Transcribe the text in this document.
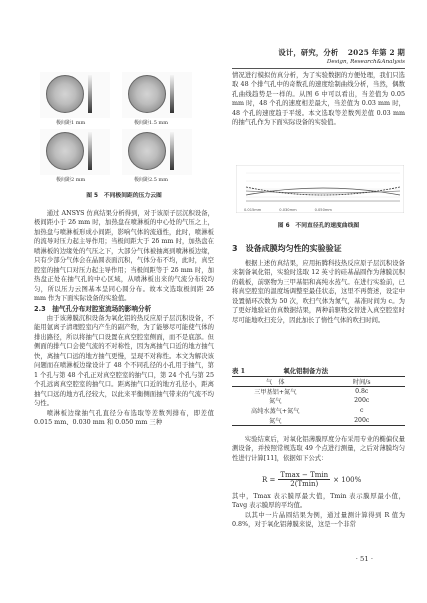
设计，研究，分析 2025 年第 2 期
Design, Research&Analysis
极间距1 mm	极间距1.5 mm
极间距2 mm	极间距2.5 mm
图 5　不同极间距的压力云图

通过 ANSYS 仿真结果分析得到，对于该原子层沉积设备，极间距小于 2δ mm 时，加热盘在喷淋板的中心处的气压之上，加热盘与喷淋板形成小间距，影响气体的流通性，此时，喷淋板的流导对压力起主导作用；当极间距大于 2δ mm 时，加热盘在喷淋板的边缘处的气压之下，大部分气体被抽离到喷淋板边缘，只有少部分气体会在晶圆表面沉积，气体分布不均，此时，真空腔室的抽气口对压力起主导作用；当极间距等于 2δ mm 时，加热盘正处在抽气孔的中心区域，从喷淋板出来的气流分布较均匀，所以压力云图基本呈同心圆分布。故本文选取极间距 2δ mm 作为下面实际设备的实验值。

2.3　抽气孔分布对腔室流场的影响分析

由于该薄膜沉积设备为氧化铝的热反应原子层沉积设备，不能用氩离子清理腔室内产生的副产物，为了能够尽可能使气体的排出路径，所以将抽气口设置在真空腔室侧面，而不是底部。但侧面的排气口会使气流的不对称性，因为离抽气口近的地方抽气快，离抽气口远的地方抽气更慢，呈现不对称性。本文为解决该问题而在喷淋板边缘设计了 48 个不同孔径的小孔用于抽气，第 1 个孔与第 48 个孔正对真空腔室的抽气口，第 24 个孔与第 25 个孔远离真空腔室的抽气口。距离抽气口近的地方孔径小，距离抽气口远的地方孔径较大，以此来平衡侧面抽气带来的气流不均匀性。

喷淋板边缘抽气孔直径分布选取等差数列排布，即差值 0.015 mm、0.030 mm 和 0.050 mm 三种

情况进行模拟仿真分析，为了实验数据的方便处理，我们只选取 48 个排气孔中的奇数孔的速度绘制曲线分析，当然，偶数孔曲线趋势是一样的。从图 6 中可以看出，当差值为 0.05 mm 时，48 个孔的速度相差最大，当差值为 0.03 mm 时，48 个孔的速度趋于平缓。本文选取等差数列差值 0.03 mm 的抽气孔作为下面实际设备的实验值。

0.015mm	0.030mm	0.050mm
图 6　不同直径孔的速度曲线图
3　设备成膜均匀性的实验验证

根据上述仿真结果，应用拓腾科技热反应原子层沉积设备来制备氧化铝，实验时选取 12 英寸的硅基晶圆作为薄膜沉积的载板，前驱物为三甲基铝和高纯水蒸气。在进行实验前，已将真空腔室的温度场调整至最佳状态，这里不再赘述，设定中设置循环次数为 50 次，吹扫气体为氮气，基准时间为 c。为了更好地验证仿真数据结果，两种前驱物交替进入真空腔室时尽可能地吹扫充分，因此加长了惰性气体的吹扫时间。

表 1　　　　　　氧化铝制备方法
气　体	时间/s
三甲基铝+氮气	0.8c
氮气	200c
高纯水蒸气+氮气	c
氮气	200c

实验结束后，对氧化铝薄膜厚度分布采用专业的椭偏仪量测设备，并按照常规选取 49 个点进行测量，之后对薄膜均匀性进行计算[11]，依据如下公式：

$R = \frac{Tmax - Tmin}{2(Tmin)} \times 100\%$

其中，Tmax 表示膜厚最大值，Tmin 表示膜厚最小值，Tavg 表示膜厚的平均值。

以其中一片晶圆结果为例，通过量测计算得到 R 值为 0.8%，对于氧化铝薄膜来说，这是一个非常

· 51 ·
